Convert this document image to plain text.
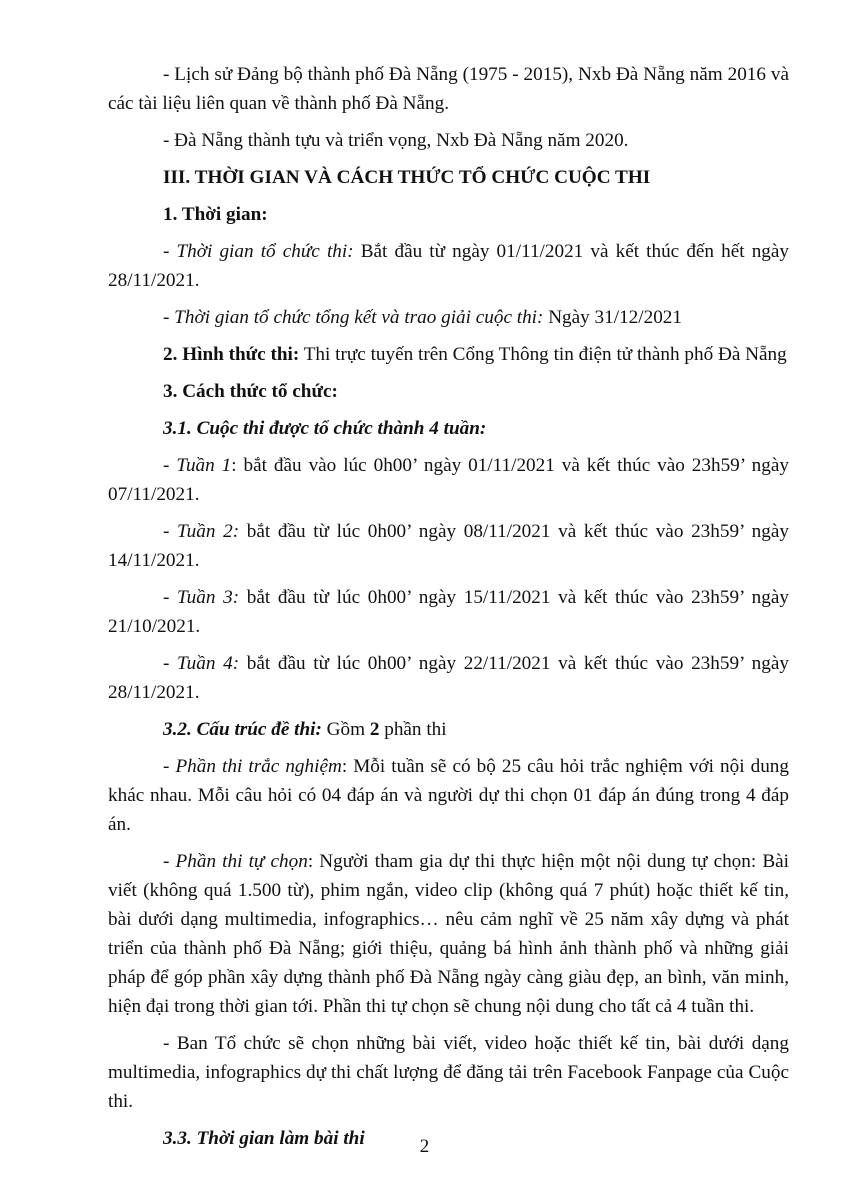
- Lịch sử Đảng bộ thành phố Đà Nẵng (1975 - 2015), Nxb Đà Nẵng năm 2016 và các tài liệu liên quan về thành phố Đà Nẵng.

- Đà Nẵng thành tựu và triển vọng, Nxb Đà Nẵng năm 2020.

III. THỜI GIAN VÀ CÁCH THỨC TỔ CHỨC CUỘC THI

1. Thời gian:

- Thời gian tổ chức thi: Bắt đầu từ ngày 01/11/2021 và kết thúc đến hết ngày 28/11/2021.

- Thời gian tổ chức tổng kết và trao giải cuộc thi: Ngày 31/12/2021

2. Hình thức thi: Thi trực tuyến trên Cổng Thông tin điện tử thành phố Đà Nẵng

3. Cách thức tổ chức:

3.1. Cuộc thi được tổ chức thành 4 tuần:

- Tuần 1: bắt đầu vào lúc 0h00’ ngày 01/11/2021 và kết thúc vào 23h59’ ngày 07/11/2021.

- Tuần 2: bắt đầu từ lúc 0h00’ ngày 08/11/2021 và kết thúc vào 23h59’ ngày 14/11/2021.

- Tuần 3: bắt đầu từ lúc 0h00’ ngày 15/11/2021 và kết thúc vào 23h59’ ngày 21/10/2021.

- Tuần 4: bắt đầu từ lúc 0h00’ ngày 22/11/2021 và kết thúc vào 23h59’ ngày 28/11/2021.

3.2. Cấu trúc đề thi: Gồm 2 phần thi

- Phần thi trắc nghiệm: Mỗi tuần sẽ có bộ 25 câu hỏi trắc nghiệm với nội dung khác nhau. Mỗi câu hỏi có 04 đáp án và người dự thi chọn 01 đáp án đúng trong 4 đáp án.

- Phần thi tự chọn: Người tham gia dự thi thực hiện một nội dung tự chọn: Bài viết (không quá 1.500 từ), phim ngắn, video clip (không quá 7 phút) hoặc thiết kế tin, bài dưới dạng multimedia, infographics… nêu cảm nghĩ về 25 năm xây dựng và phát triển của thành phố Đà Nẵng; giới thiệu, quảng bá hình ảnh thành phố và những giải pháp để góp phần xây dựng thành phố Đà Nẵng ngày càng giàu đẹp, an bình, văn minh, hiện đại trong thời gian tới. Phần thi tự chọn sẽ chung nội dung cho tất cả 4 tuần thi.

- Ban Tổ chức sẽ chọn những bài viết, video hoặc thiết kế tin, bài dưới dạng multimedia, infographics dự thi chất lượng để đăng tải trên Facebook Fanpage của Cuộc thi.

3.3. Thời gian làm bài thi	2
